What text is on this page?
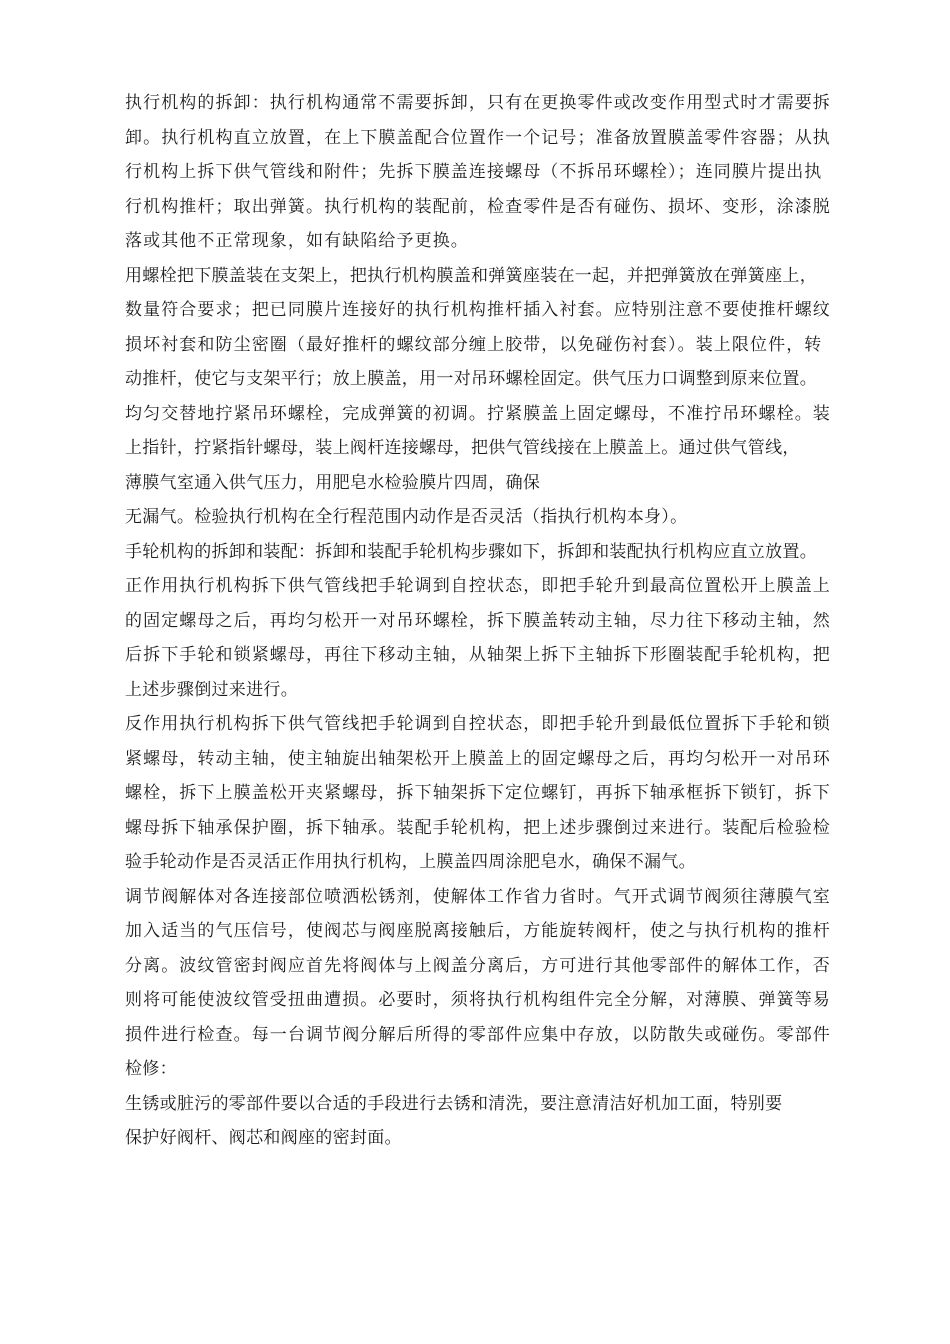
执行机构的拆卸：执行机构通常不需要拆卸，只有在更换零件或改变作用型式时才需要拆
卸。执行机构直立放置，在上下膜盖配合位置作一个记号；准备放置膜盖零件容器；从执
行机构上拆下供气管线和附件；先拆下膜盖连接螺母（不拆吊环螺栓）；连同膜片提出执
行机构推杆；取出弹簧。执行机构的装配前，检查零件是否有碰伤、损坏、变形，涂漆脱
落或其他不正常现象，如有缺陷给予更换。
用螺栓把下膜盖装在支架上，把执行机构膜盖和弹簧座装在一起，并把弹簧放在弹簧座上，
数量符合要求；把已同膜片连接好的执行机构推杆插入衬套。应特别注意不要使推杆螺纹
损坏衬套和防尘密圈（最好推杆的螺纹部分缠上胶带，以免碰伤衬套）。装上限位件，转
动推杆，使它与支架平行；放上膜盖，用一对吊环螺栓固定。供气压力口调整到原来位置。
均匀交替地拧紧吊环螺栓，完成弹簧的初调。拧紧膜盖上固定螺母，不准拧吊环螺栓。装
上指针，拧紧指针螺母，装上阀杆连接螺母，把供气管线接在上膜盖上。通过供气管线，
薄膜气室通入供气压力，用肥皂水检验膜片四周，确保
无漏气。检验执行机构在全行程范围内动作是否灵活（指执行机构本身）。
手轮机构的拆卸和装配：拆卸和装配手轮机构步骤如下，拆卸和装配执行机构应直立放置。
正作用执行机构拆下供气管线把手轮调到自控状态，即把手轮升到最高位置松开上膜盖上
的固定螺母之后，再均匀松开一对吊环螺栓，拆下膜盖转动主轴，尽力往下移动主轴，然
后拆下手轮和锁紧螺母，再往下移动主轴，从轴架上拆下主轴拆下形圈装配手轮机构，把
上述步骤倒过来进行。
反作用执行机构拆下供气管线把手轮调到自控状态，即把手轮升到最低位置拆下手轮和锁
紧螺母，转动主轴，使主轴旋出轴架松开上膜盖上的固定螺母之后，再均匀松开一对吊环
螺栓，拆下上膜盖松开夹紧螺母，拆下轴架拆下定位螺钉，再拆下轴承框拆下锁钉，拆下
螺母拆下轴承保护圈，拆下轴承。装配手轮机构，把上述步骤倒过来进行。装配后检验检
验手轮动作是否灵活正作用执行机构，上膜盖四周涂肥皂水，确保不漏气。
调节阀解体对各连接部位喷洒松锈剂，使解体工作省力省时。气开式调节阀须往薄膜气室
加入适当的气压信号，使阀芯与阀座脱离接触后，方能旋转阀杆，使之与执行机构的推杆
分离。波纹管密封阀应首先将阀体与上阀盖分离后，方可进行其他零部件的解体工作，否
则将可能使波纹管受扭曲遭损。必要时，须将执行机构组件完全分解，对薄膜、弹簧等易
损件进行检查。每一台调节阀分解后所得的零部件应集中存放，以防散失或碰伤。零部件
检修：
生锈或脏污的零部件要以合适的手段进行去锈和清洗，要注意清洁好机加工面，特别要
保护好阀杆、阀芯和阀座的密封面。
